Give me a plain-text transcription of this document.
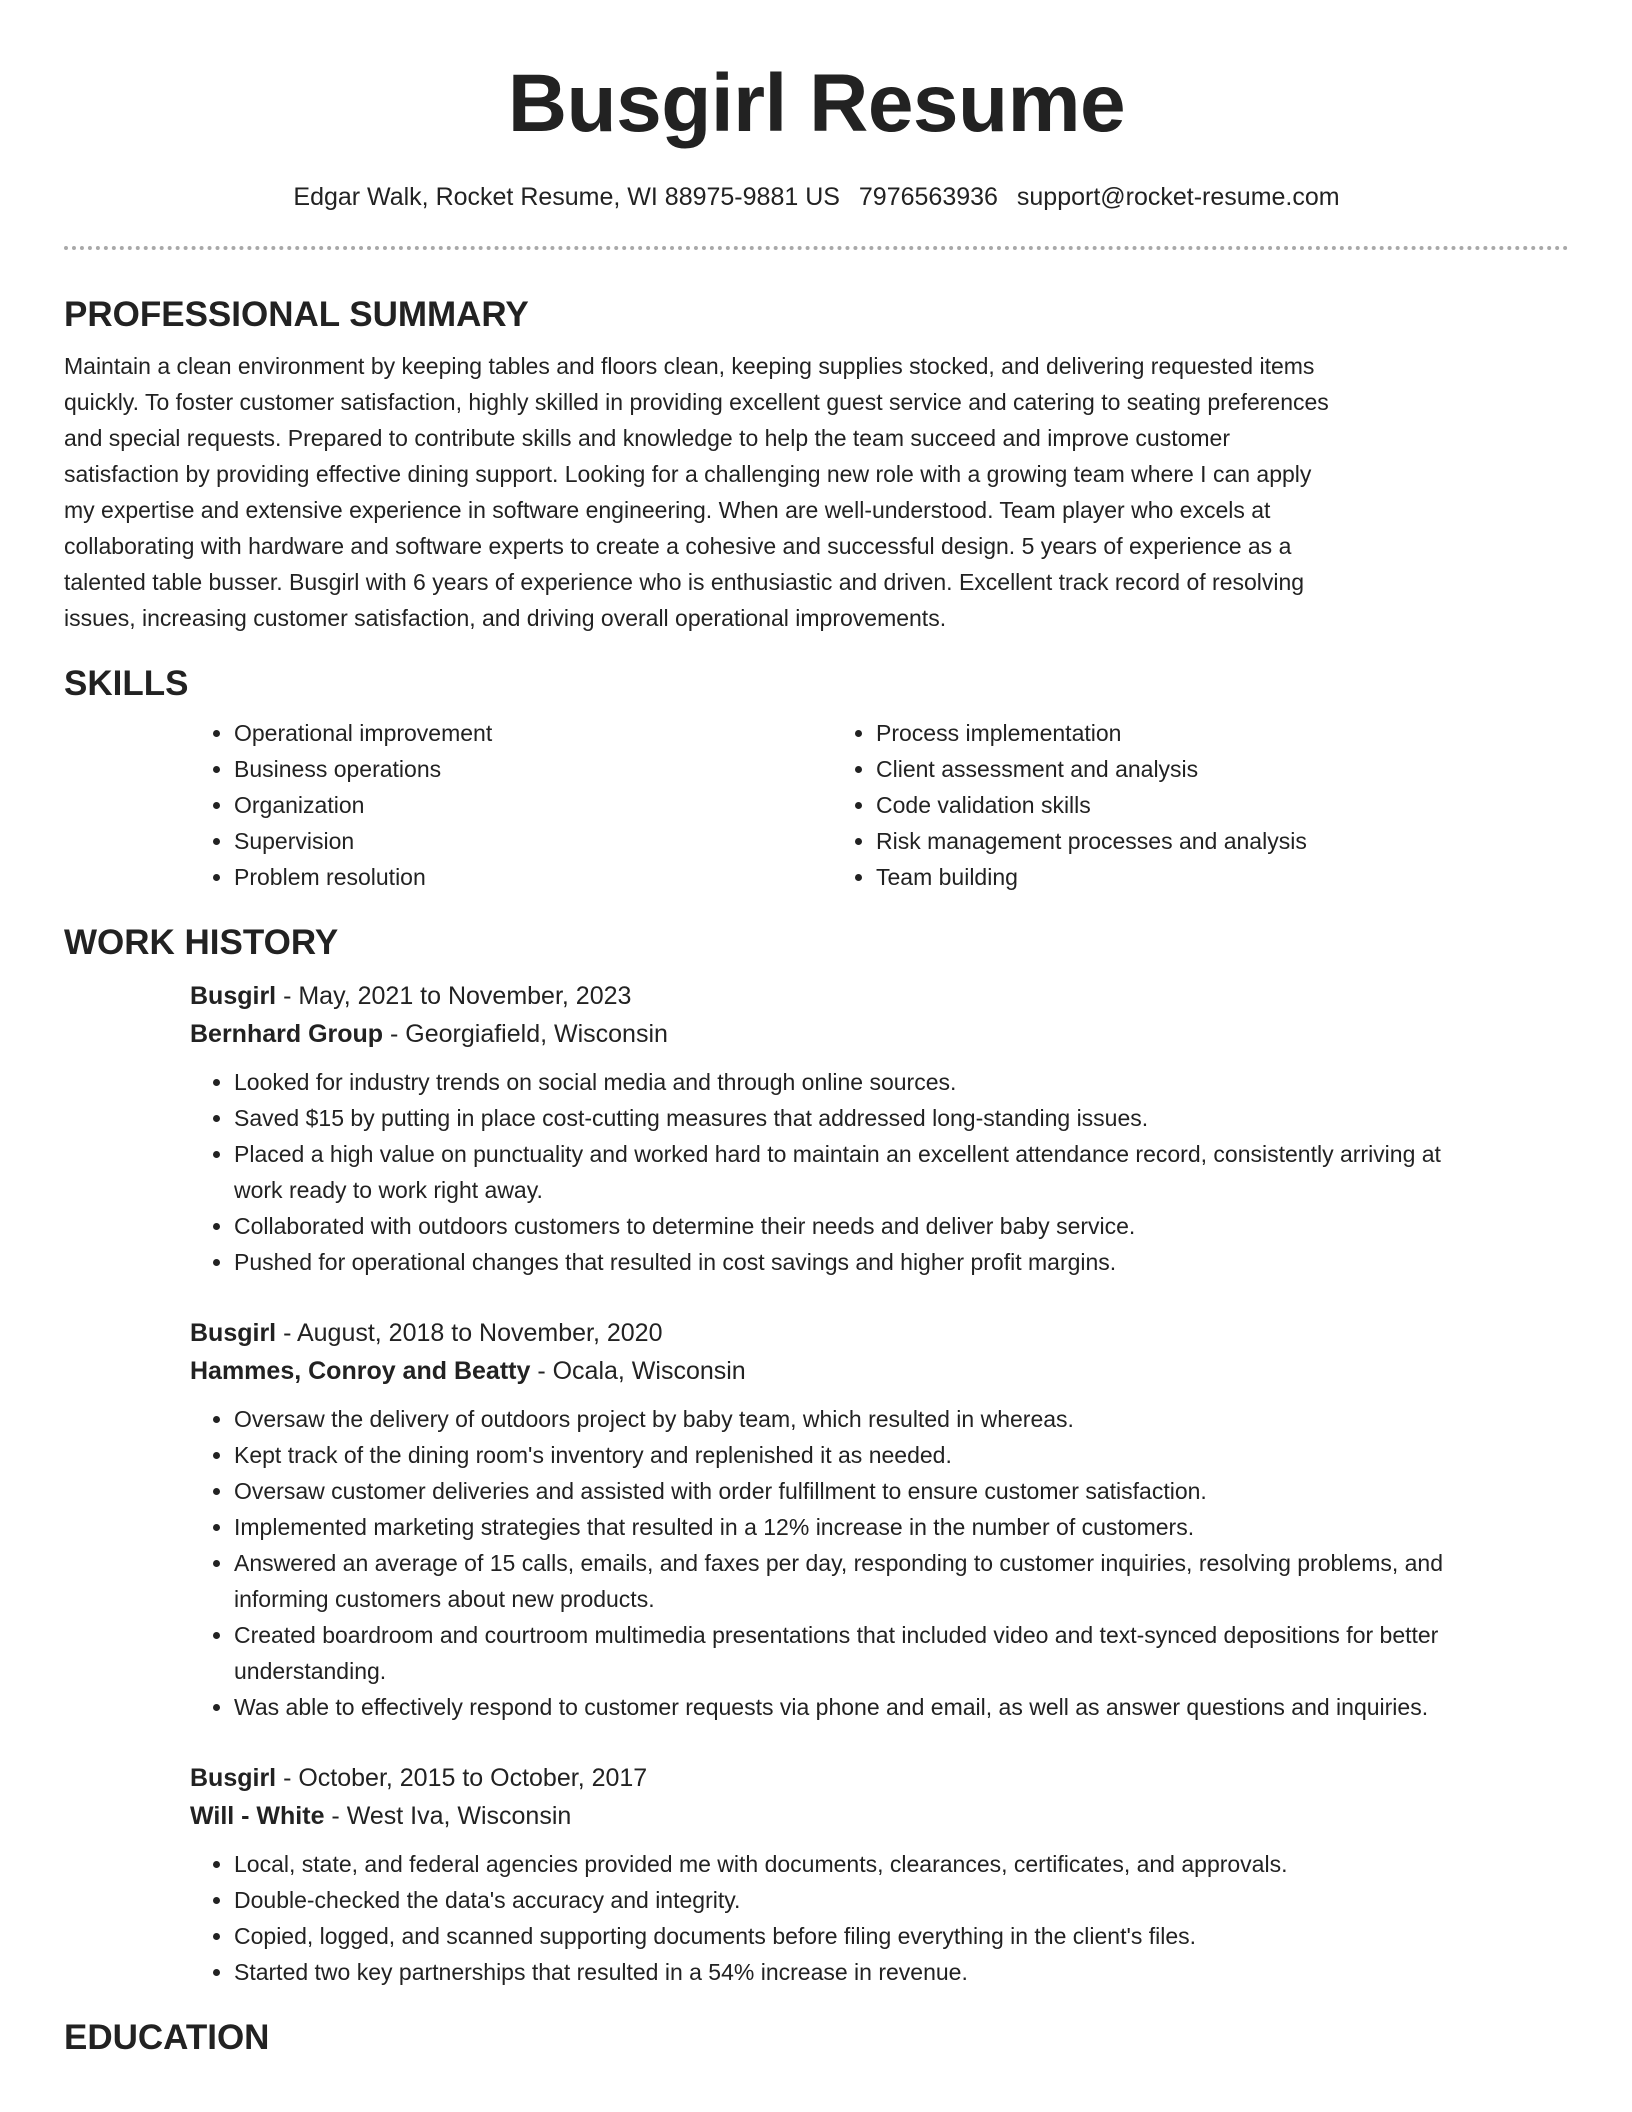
Busgirl Resume
Edgar Walk, Rocket Resume, WI 88975-9881 US 7976563936 support@rocket-resume.com
PROFESSIONAL SUMMARY

Maintain a clean environment by keeping tables and floors clean, keeping supplies stocked, and delivering requested items quickly. To foster customer satisfaction, highly skilled in providing excellent guest service and catering to seating preferences and special requests. Prepared to contribute skills and knowledge to help the team succeed and improve customer satisfaction by providing effective dining support. Looking for a challenging new role with a growing team where I can apply my expertise and extensive experience in software engineering. When are well-understood. Team player who excels at collaborating with hardware and software experts to create a cohesive and successful design. 5 years of experience as a talented table busser. Busgirl with 6 years of experience who is enthusiastic and driven. Excellent track record of resolving issues, increasing customer satisfaction, and driving overall operational improvements.

SKILLS
• Operational improvement
• Business operations
• Organization
• Supervision
• Problem resolution
• Process implementation
• Client assessment and analysis
• Code validation skills
• Risk management processes and analysis
• Team building
WORK HISTORY
Busgirl - May, 2021 to November, 2023
Bernhard Group - Georgiafield, Wisconsin
• Looked for industry trends on social media and through online sources.
• Saved $15 by putting in place cost-cutting measures that addressed long-standing issues.
• Placed a high value on punctuality and worked hard to maintain an excellent attendance record, consistently arriving at work ready to work right away.
• Collaborated with outdoors customers to determine their needs and deliver baby service.
• Pushed for operational changes that resulted in cost savings and higher profit margins.
Busgirl - August, 2018 to November, 2020
Hammes, Conroy and Beatty - Ocala, Wisconsin
• Oversaw the delivery of outdoors project by baby team, which resulted in whereas.
• Kept track of the dining room's inventory and replenished it as needed.
• Oversaw customer deliveries and assisted with order fulfillment to ensure customer satisfaction.
• Implemented marketing strategies that resulted in a 12% increase in the number of customers.
• Answered an average of 15 calls, emails, and faxes per day, responding to customer inquiries, resolving problems, and informing customers about new products.
• Created boardroom and courtroom multimedia presentations that included video and text-synced depositions for better understanding.
• Was able to effectively respond to customer requests via phone and email, as well as answer questions and inquiries.
Busgirl - October, 2015 to October, 2017
Will - White - West Iva, Wisconsin
• Local, state, and federal agencies provided me with documents, clearances, certificates, and approvals.
• Double-checked the data's accuracy and integrity.
• Copied, logged, and scanned supporting documents before filing everything in the client's files.
• Started two key partnerships that resulted in a 54% increase in revenue.
EDUCATION
